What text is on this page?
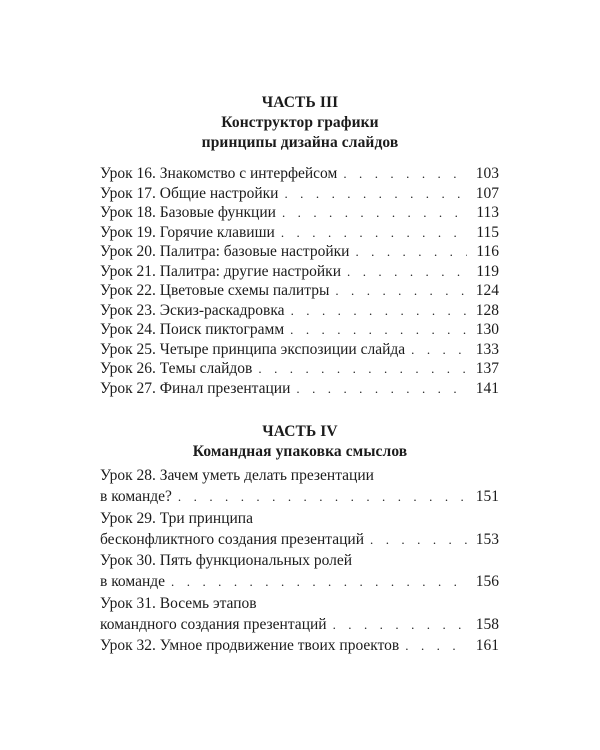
ЧАСТЬ III
Конструктор графики
принципы дизайна слайдов
Урок 16. Знакомство с интерфейсом . . .	103
Урок 17. Общие настройки . . .	107
Урок 18. Базовые функции . . .	113
Урок 19. Горячие клавиши . . .	115
Урок 20. Палитра: базовые настройки . . .	116
Урок 21. Палитра: другие настройки . . .	119
Урок 22. Цветовые схемы палитры . . .	124
Урок 23. Эскиз-раскадровка . . .	128
Урок 24. Поиск пиктограмм . . .	130
Урок 25. Четыре принципа экспозиции слайда . . .	133
Урок 26. Темы слайдов . . .	137
Урок 27. Финал презентации . . .	141
ЧАСТЬ IV
Командная упаковка смыслов
Урок 28. Зачем уметь делать презентации
в команде? . . .	151
Урок 29. Три принципа
бесконфликтного создания презентаций . . .	153
Урок 30. Пять функциональных ролей
в команде . . .	156
Урок 31. Восемь этапов
командного создания презентаций . . .	158
Урок 32. Умное продвижение твоих проектов . . .	161
